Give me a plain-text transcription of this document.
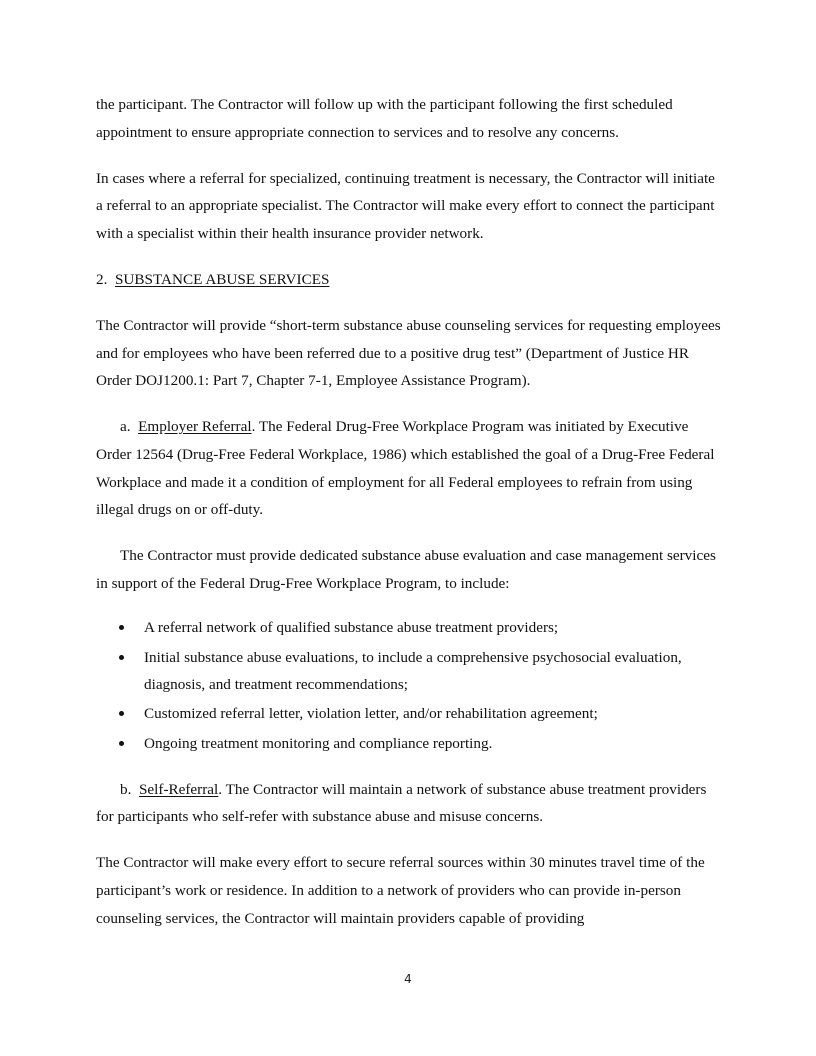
the participant. The Contractor will follow up with the participant following the first scheduled appointment to ensure appropriate connection to services and to resolve any concerns.

In cases where a referral for specialized, continuing treatment is necessary, the Contractor will initiate a referral to an appropriate specialist. The Contractor will make every effort to connect the participant with a specialist within their health insurance provider network.

2. SUBSTANCE ABUSE SERVICES

The Contractor will provide “short-term substance abuse counseling services for requesting employees and for employees who have been referred due to a positive drug test” (Department of Justice HR Order DOJ1200.1: Part 7, Chapter 7-1, Employee Assistance Program).

a. Employer Referral. The Federal Drug-Free Workplace Program was initiated by Executive Order 12564 (Drug-Free Federal Workplace, 1986) which established the goal of a Drug-Free Federal Workplace and made it a condition of employment for all Federal employees to refrain from using illegal drugs on or off-duty.

The Contractor must provide dedicated substance abuse evaluation and case management services in support of the Federal Drug-Free Workplace Program, to include:

A referral network of qualified substance abuse treatment providers;
Initial substance abuse evaluations, to include a comprehensive psychosocial evaluation, diagnosis, and treatment recommendations;
Customized referral letter, violation letter, and/or rehabilitation agreement;
Ongoing treatment monitoring and compliance reporting.

b. Self-Referral. The Contractor will maintain a network of substance abuse treatment providers for participants who self-refer with substance abuse and misuse concerns.

The Contractor will make every effort to secure referral sources within 30 minutes travel time of the participant’s work or residence. In addition to a network of providers who can provide in-person counseling services, the Contractor will maintain providers capable of providing

4
